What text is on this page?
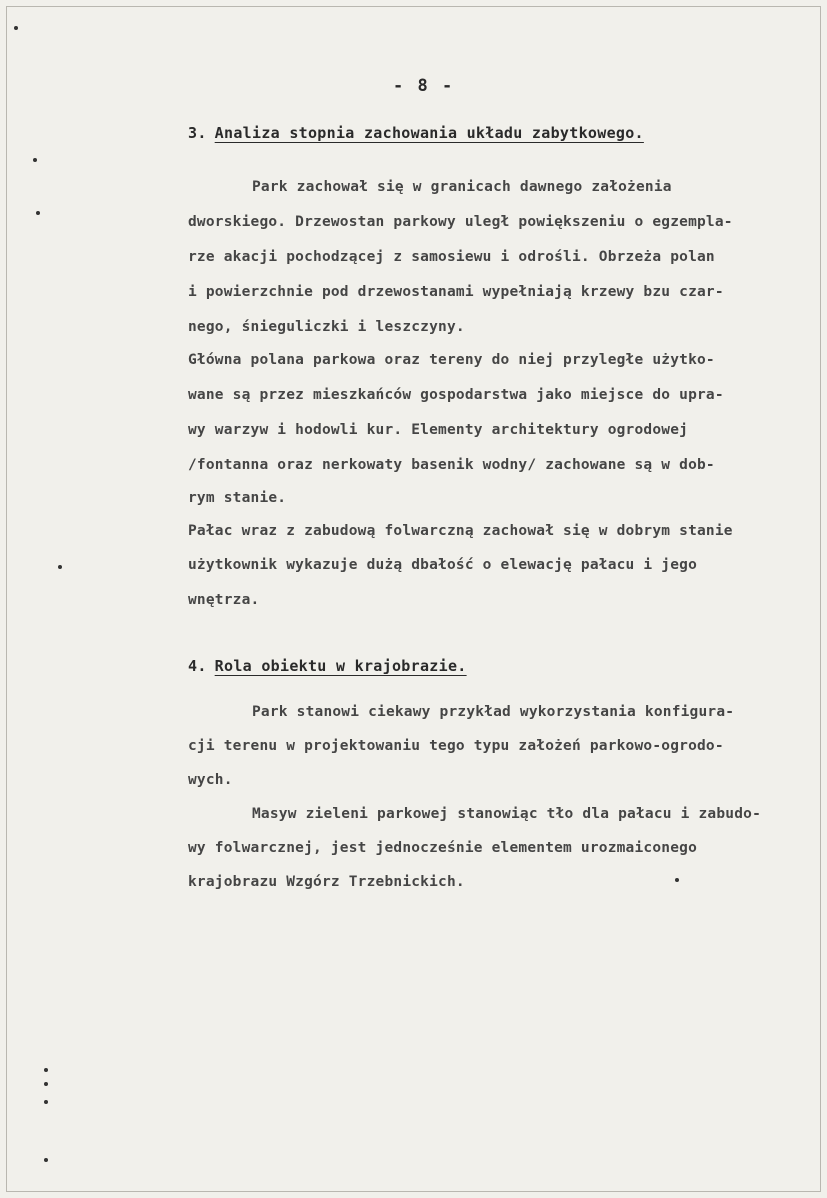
- 8 -
3. Analiza stopnia zachowania układu zabytkowego.
Park zachował się w granicach dawnego założenia
dworskiego. Drzewostan parkowy uległ powiększeniu o egzempla-
rze akacji pochodzącej z samosiewu i odrośli. Obrzeża polan
i powierzchnie pod drzewostanami wypełniają krzewy bzu czar-
nego, śnieguliczki i leszczyny.
Główna polana parkowa oraz tereny do niej przyległe użytko-
wane są przez mieszkańców gospodarstwa jako miejsce do upra-
wy warzyw i hodowli kur. Elementy architektury ogrodowej
/fontanna oraz nerkowaty basenik wodny/ zachowane są w dob-
rym stanie.
Pałac wraz z zabudową folwarczną zachował się w dobrym stanie
użytkownik wykazuje dużą dbałość o elewację pałacu i jego
wnętrza.
4. Rola obiektu w krajobrazie.
Park stanowi ciekawy przykład wykorzystania konfigura-
cji terenu w projektowaniu tego typu założeń parkowo-ogrodo-
wych.
Masyw zieleni parkowej stanowiąc tło dla pałacu i zabudo-
wy folwarcznej, jest jednocześnie elementem urozmaiconego
krajobrazu Wzgórz Trzebnickich.
